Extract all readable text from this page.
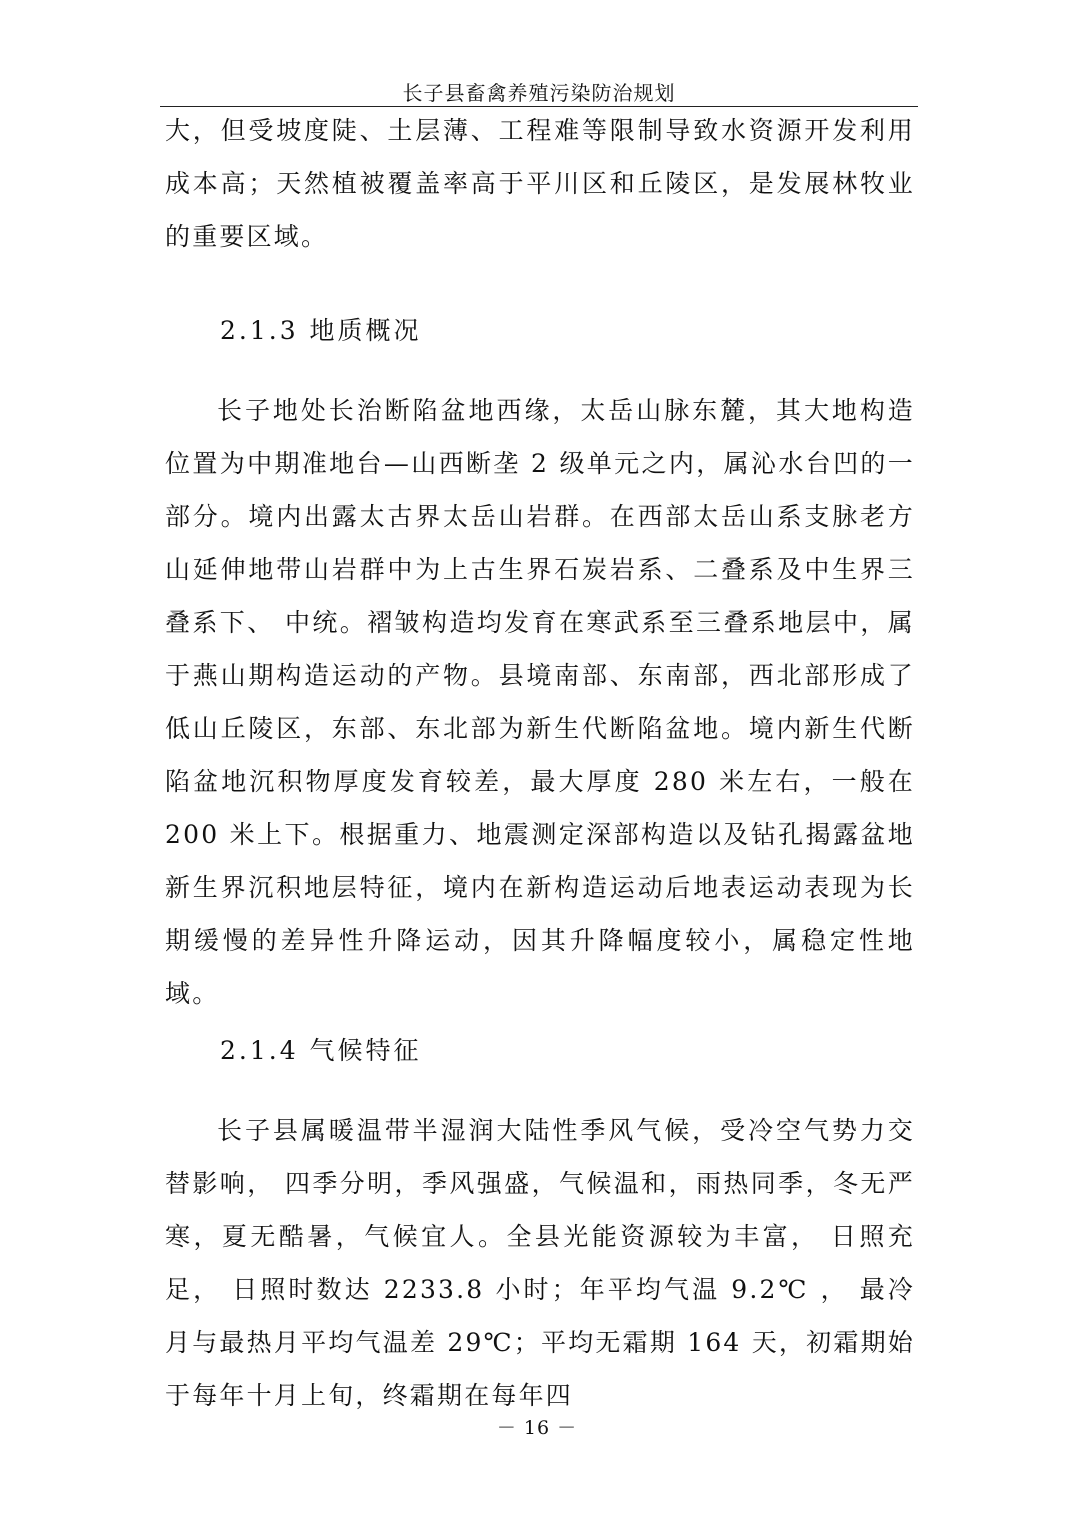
长子县畜禽养殖污染防治规划

大，但受坡度陡、土层薄、工程难等限制导致水资源开发利用成本高；天然植被覆盖率高于平川区和丘陵区，是发展林牧业的重要区域。

2.1.3 地质概况

长子地处长治断陷盆地西缘，太岳山脉东麓，其大地构造位置为中期准地台—山西断垄 2 级单元之内，属沁水台凹的一部分。境内出露太古界太岳山岩群。在西部太岳山系支脉老方山延伸地带山岩群中为上古生界石炭岩系、二叠系及中生界三叠系下、 中统。褶皱构造均发育在寒武系至三叠系地层中，属于燕山期构造运动的产物。县境南部、东南部，西北部形成了低山丘陵区，东部、东北部为新生代断陷盆地。境内新生代断陷盆地沉积物厚度发育较差，最大厚度 280 米左右，一般在 200 米上下。根据重力、地震测定深部构造以及钻孔揭露盆地新生界沉积地层特征，境内在新构造运动后地表运动表现为长期缓慢的差异性升降运动，因其升降幅度较小，属稳定性地域。

2.1.4 气候特征

长子县属暖温带半湿润大陆性季风气候，受冷空气势力交替影响， 四季分明，季风强盛，气候温和，雨热同季，冬无严寒，夏无酷暑，气候宜人。全县光能资源较为丰富， 日照充足， 日照时数达 2233.8 小时；年平均气温 9.2℃ ， 最冷月与最热月平均气温差 29℃；平均无霜期 164 天，初霜期始于每年十月上旬，终霜期在每年四

－ 16 －
